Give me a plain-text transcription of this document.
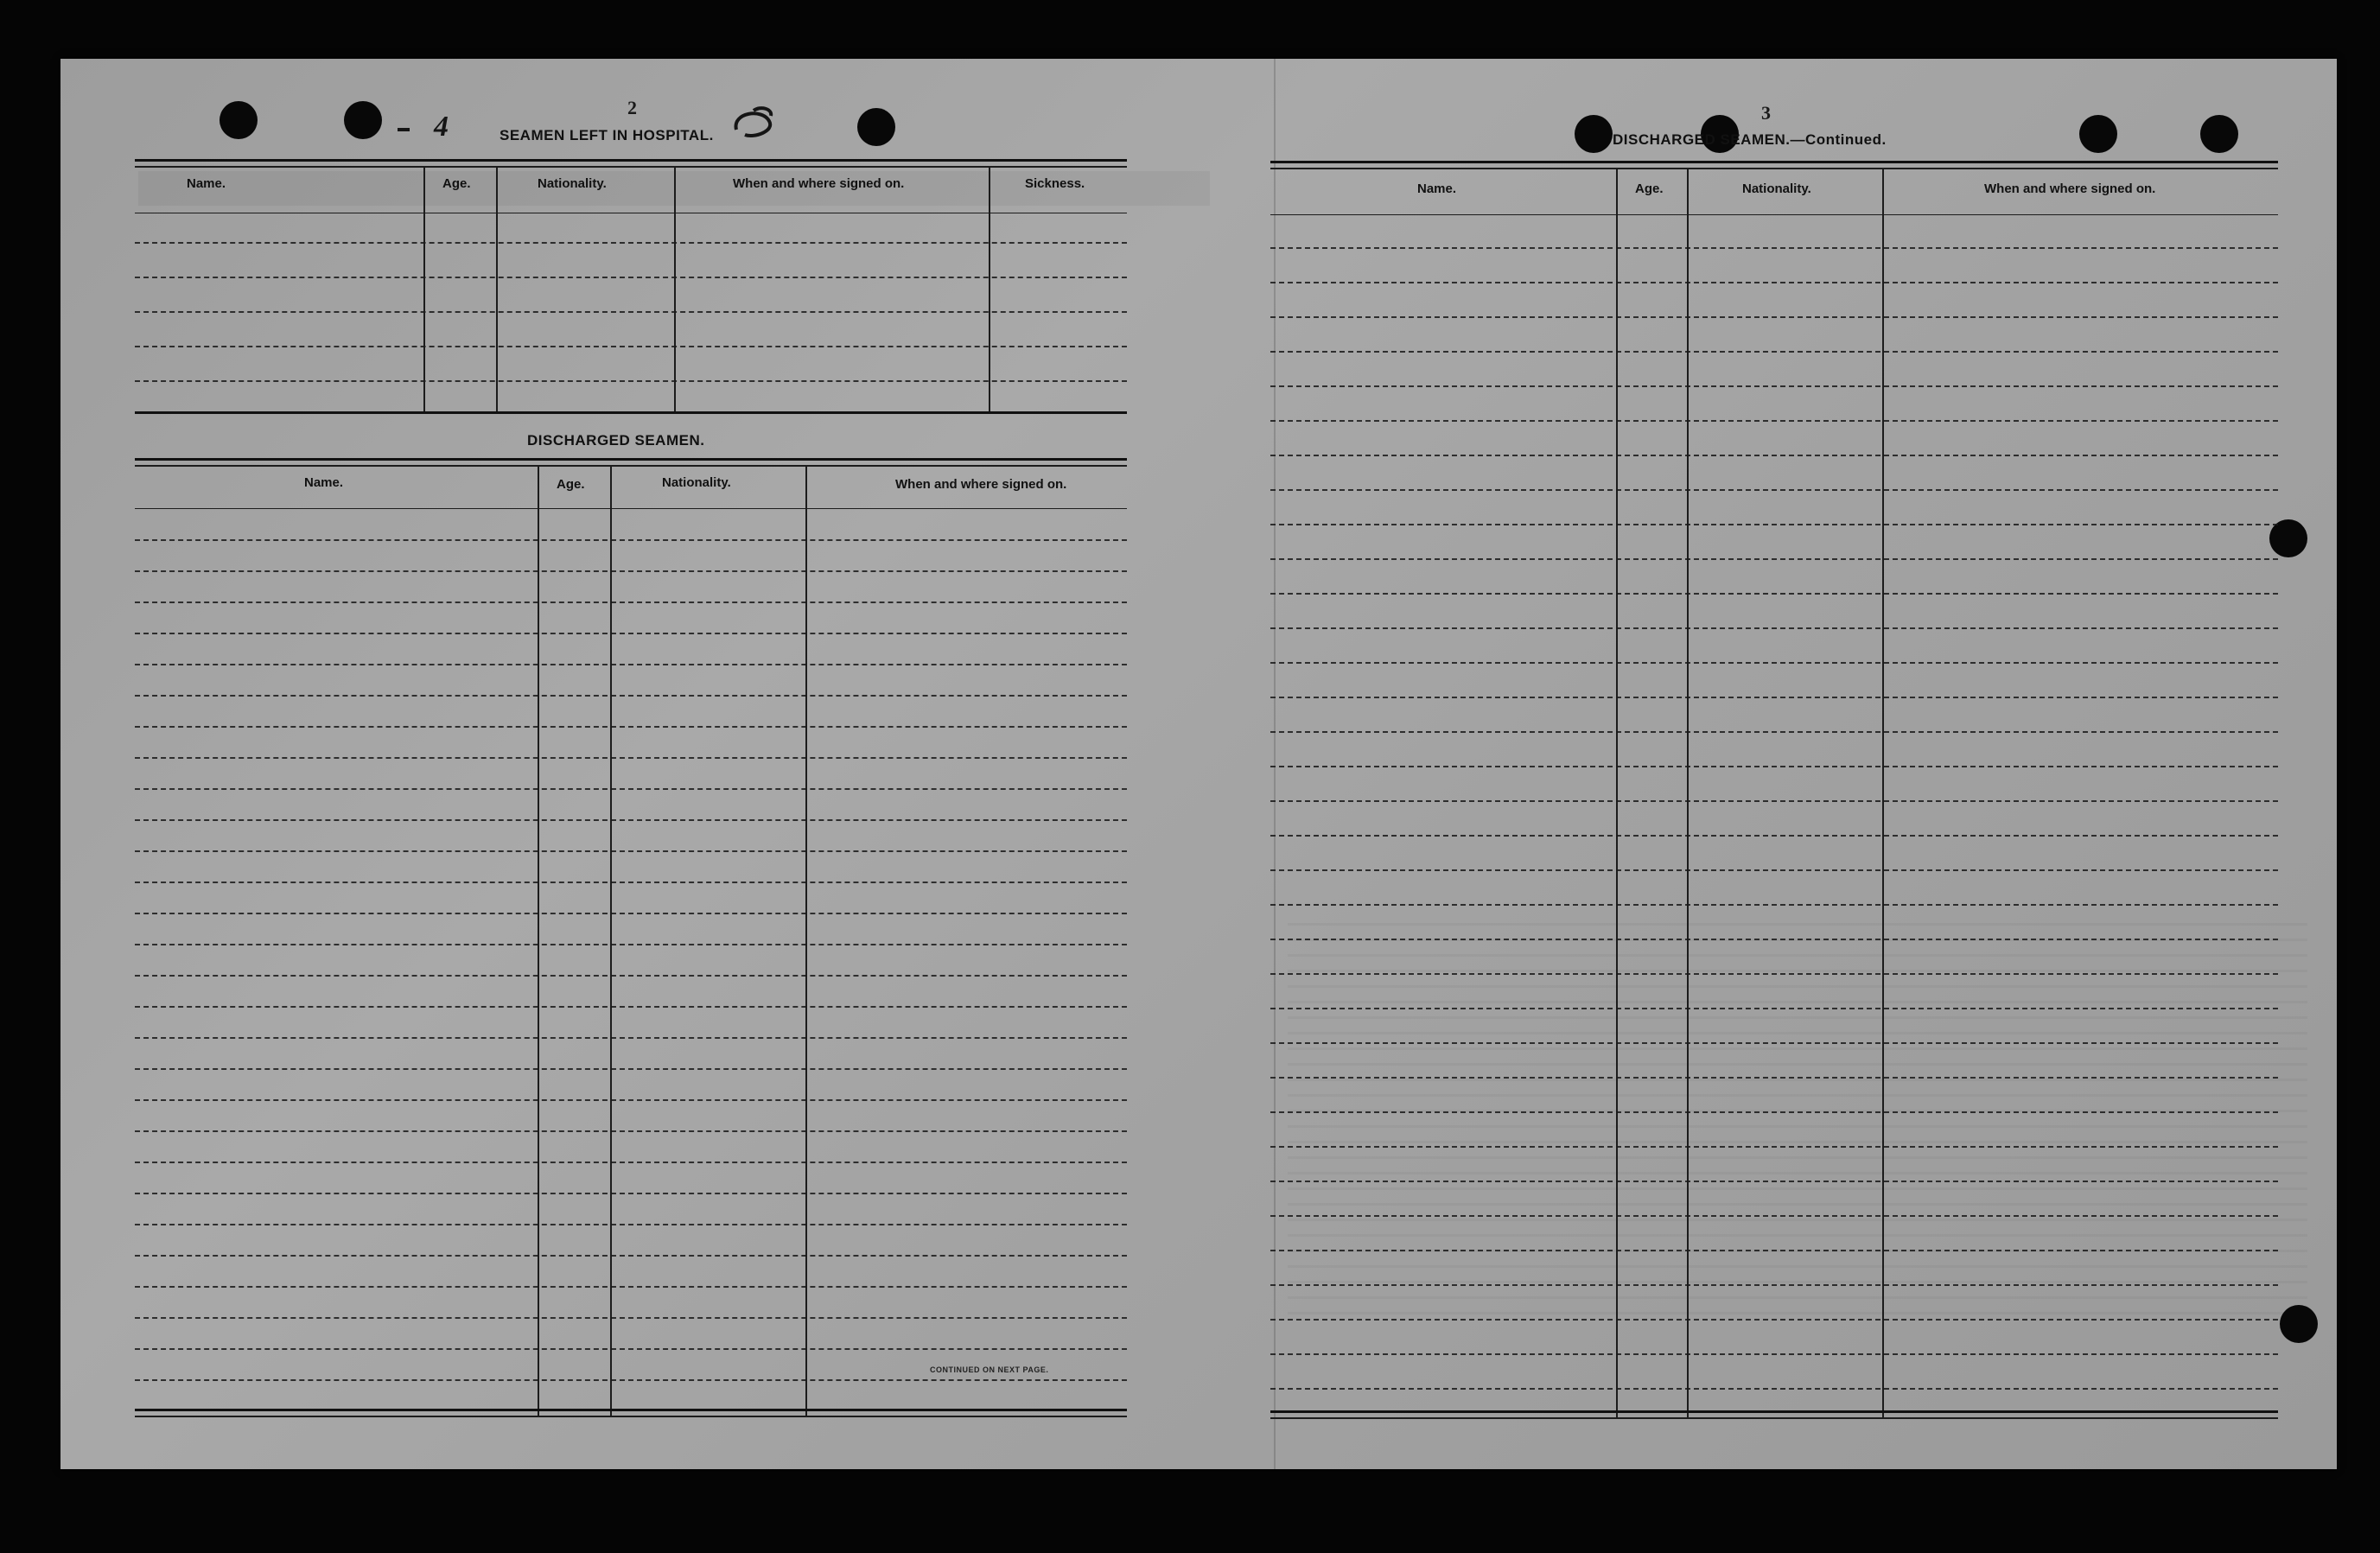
4
2
SEAMEN LEFT IN HOSPITAL.
Name.	Age.	Nationality.	When and where signed on.	Sickness.
DISCHARGED SEAMEN.
Name.	Age.	Nationality.	When and where signed on.
CONTINUED ON NEXT PAGE.
3
DISCHARGED SEAMEN.—Continued.
Name.	Age.	Nationality.	When and where signed on.
